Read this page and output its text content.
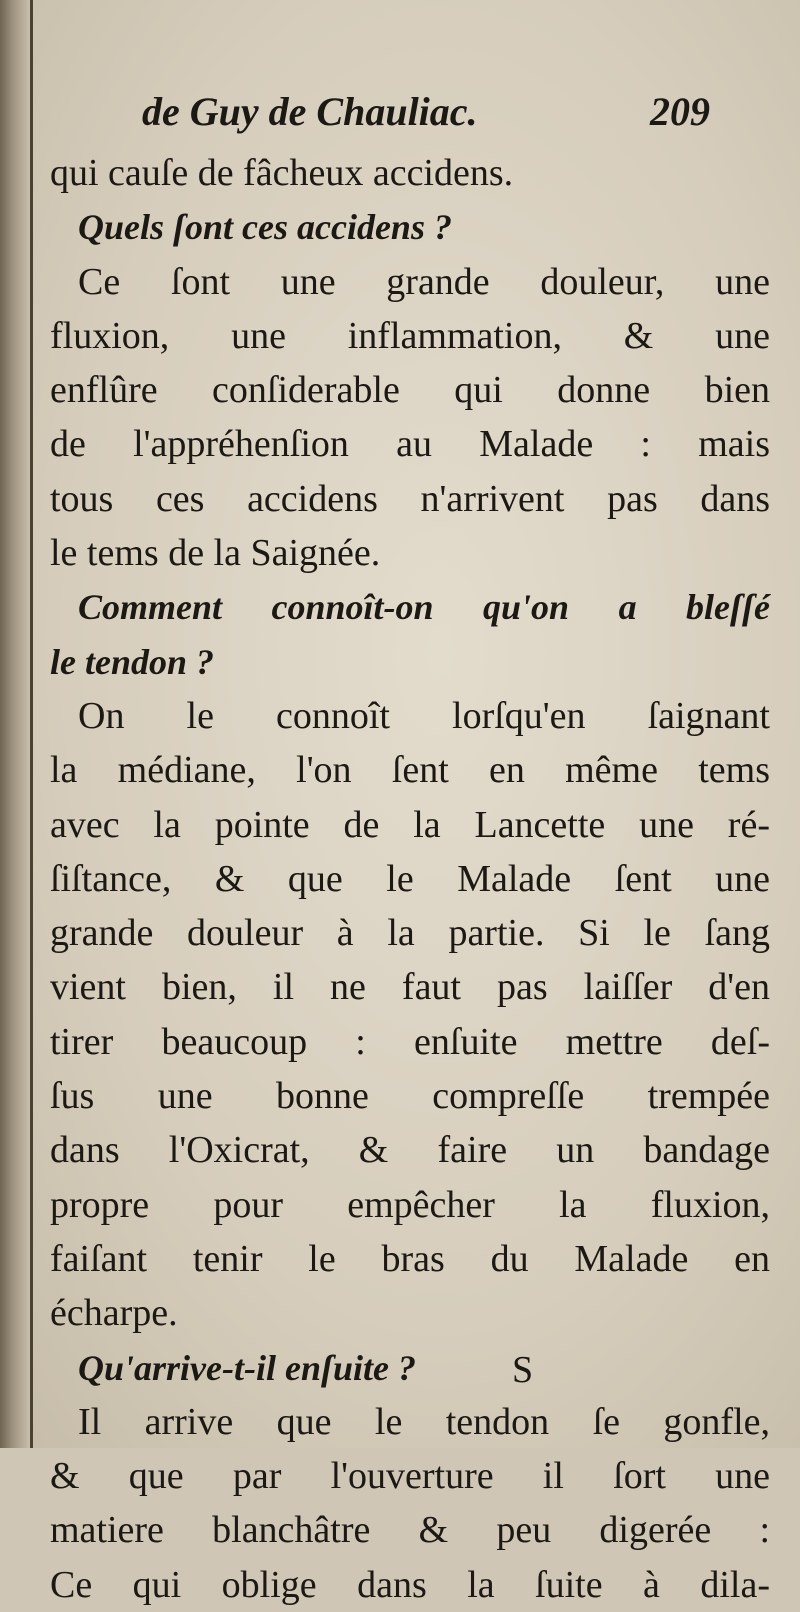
de Guy de Chauliac.	209
qui cauſe de fâcheux accidens.
Quels ſont ces accidens ?
Ce ſont une grande douleur, une
fluxion, une inflammation, & une
enflûre conſiderable qui donne bien
de l'appréhenſion au Malade : mais
tous ces accidens n'arrivent pas dans
le tems de la Saignée.
Comment connoît-on qu'on a bleſſé
le tendon ?
On le connoît lorſqu'en ſaignant
la médiane, l'on ſent en même tems
avec la pointe de la Lancette une ré-
ſiſtance, & que le Malade ſent une
grande douleur à la partie. Si le ſang
vient bien, il ne faut pas laiſſer d'en
tirer beaucoup : enſuite mettre deſ-
ſus une bonne compreſſe trempée
dans l'Oxicrat, & faire un bandage
propre pour empêcher la fluxion,
faiſant tenir le bras du Malade en
écharpe.
Qu'arrive-t-il enſuite ?
Il arrive que le tendon ſe gonfle,
& que par l'ouverture il ſort une
matiere blanchâtre & peu digerée :
Ce qui oblige dans la ſuite à dila-
S
